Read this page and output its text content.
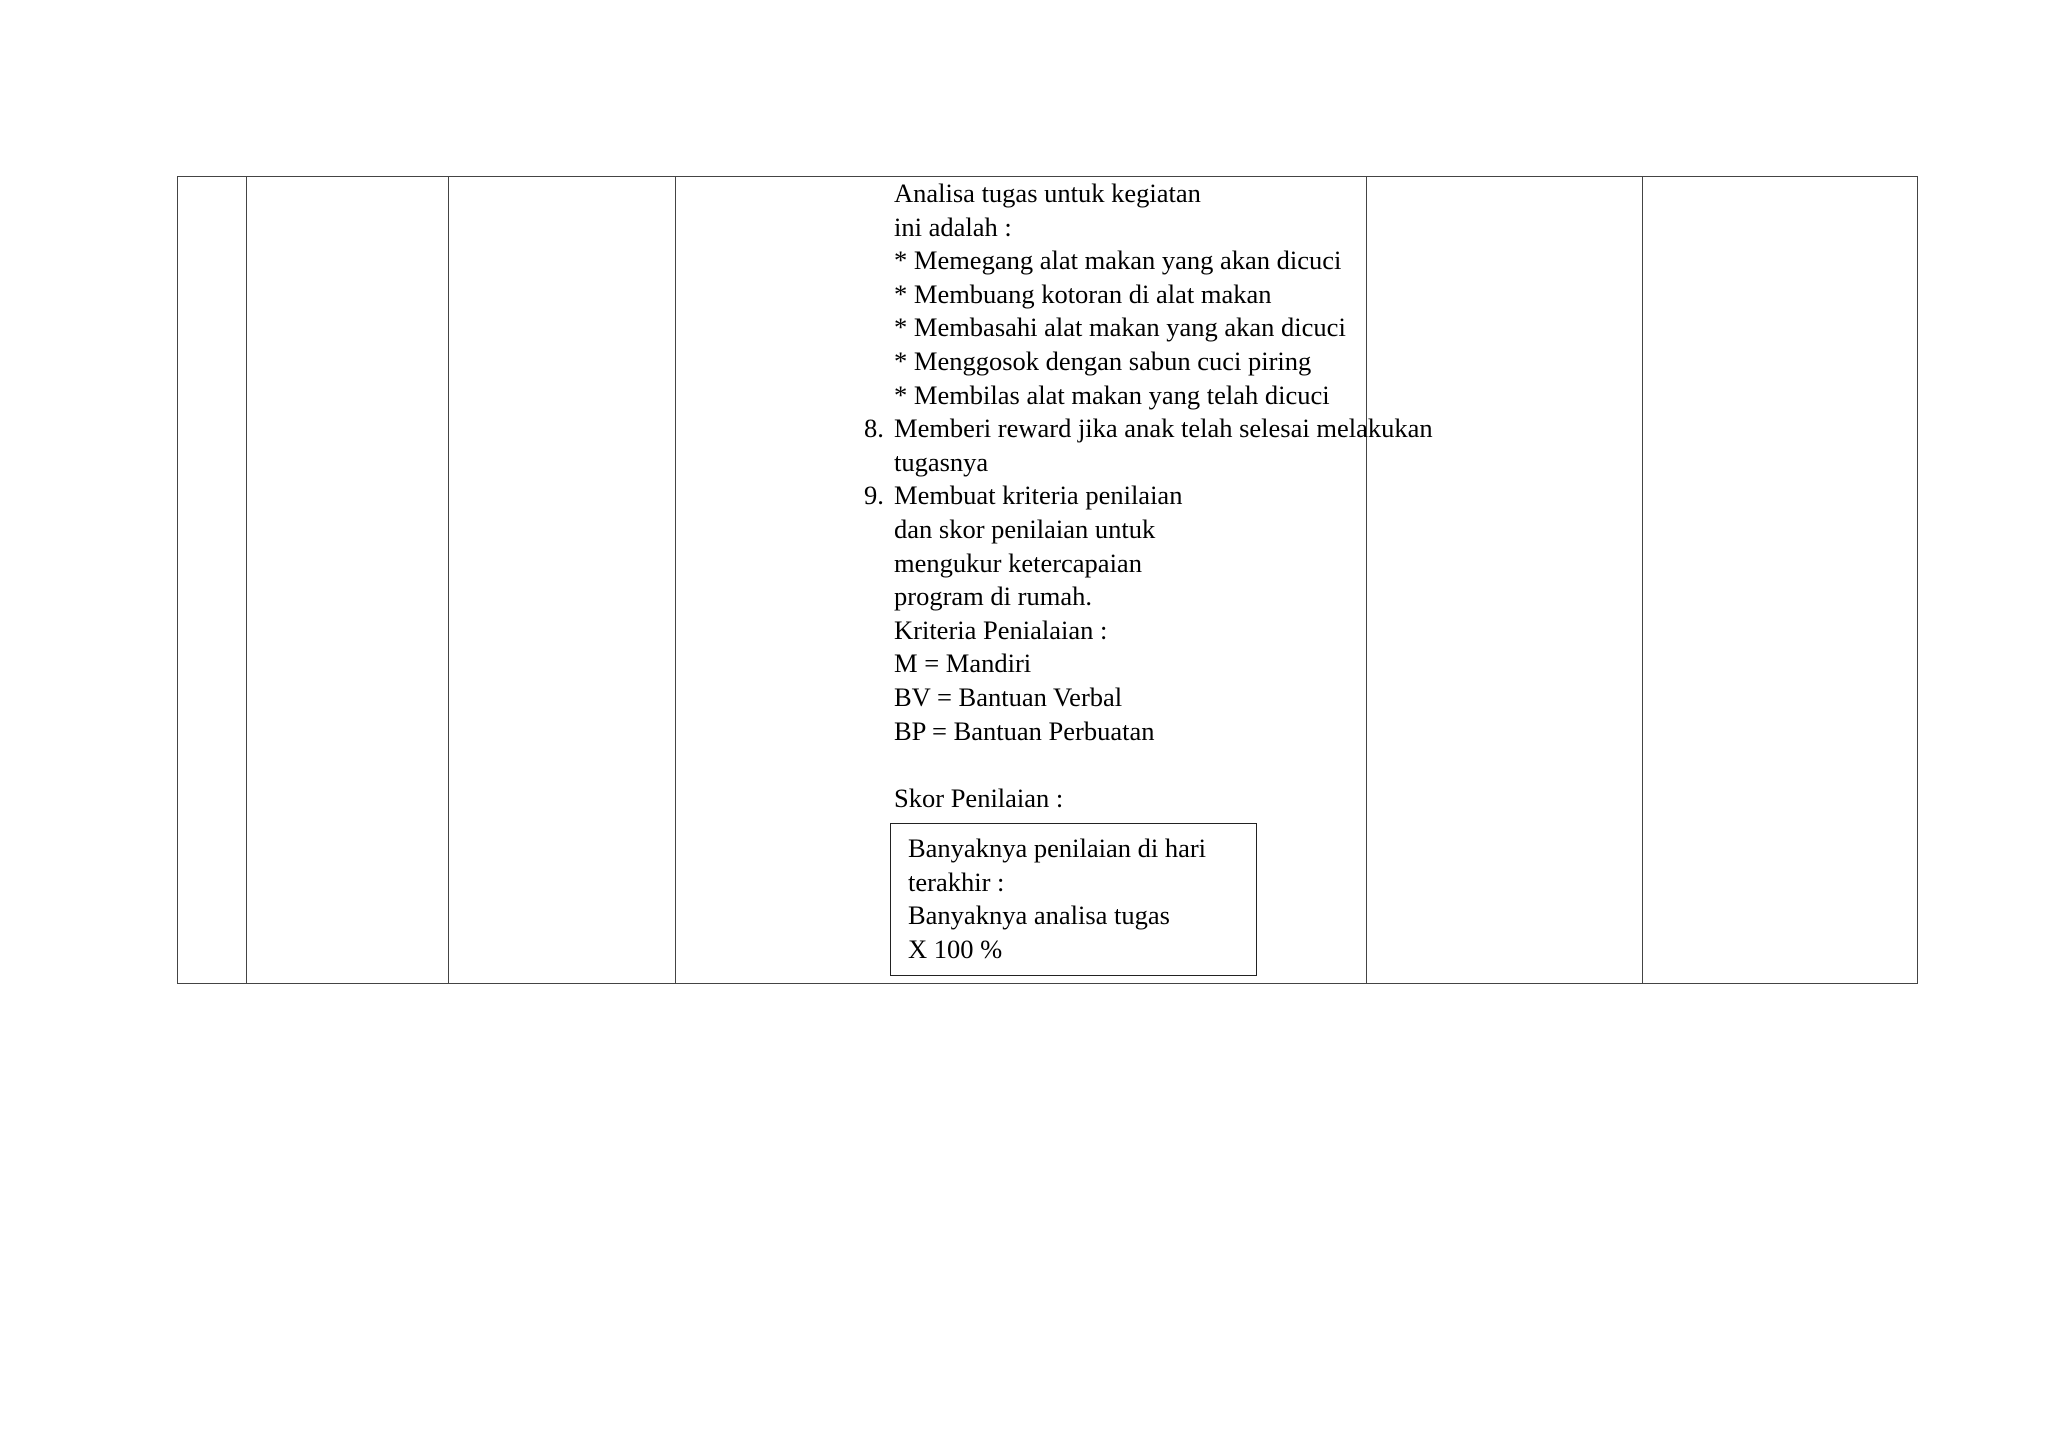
Analisa tugas untuk kegiatan
ini adalah :
* Memegang alat makan yang akan dicuci
* Membuang kotoran di alat makan
* Membasahi alat makan yang akan dicuci
* Menggosok dengan sabun cuci piring
* Membilas alat makan yang telah dicuci
8. Memberi reward jika anak telah selesai melakukan
tugasnya
9. Membuat kriteria penilaian
dan skor penilaian untuk
mengukur ketercapaian
program di rumah.
Kriteria Penialaian :
M = Mandiri
BV = Bantuan Verbal
BP = Bantuan Perbuatan
Skor Penilaian :
Banyaknya penilaian di hari
terakhir :
Banyaknya analisa tugas
X 100 %
